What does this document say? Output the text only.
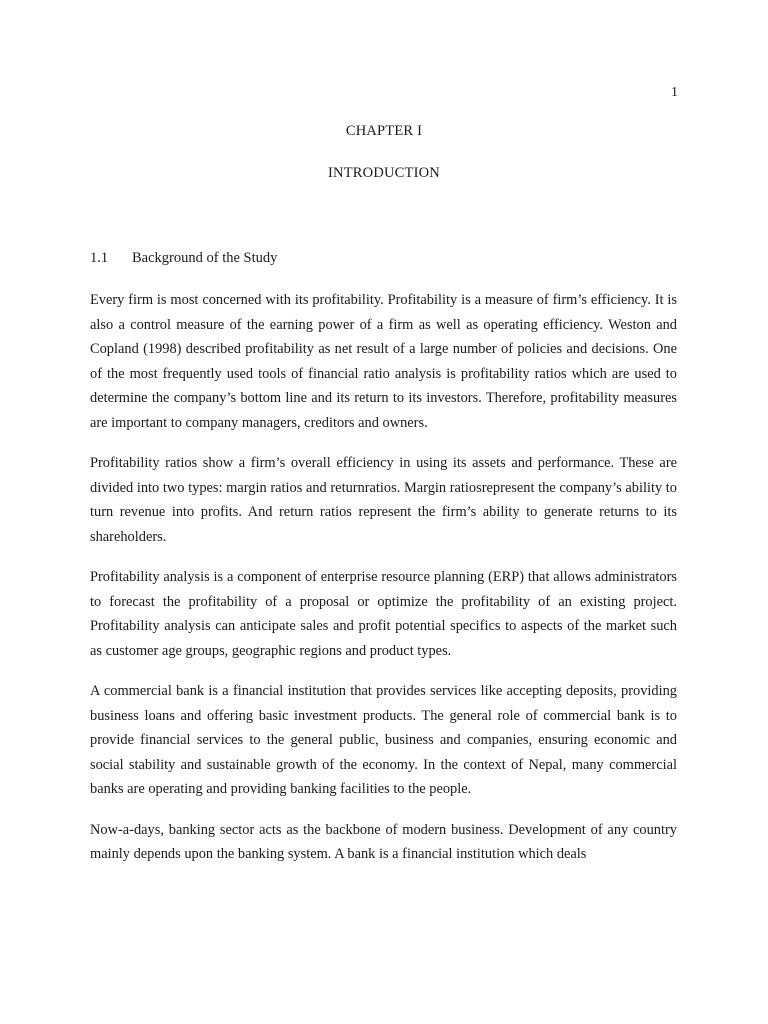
1
CHAPTER I
INTRODUCTION
1.1 Background of the Study

Every firm is most concerned with its profitability. Profitability is a measure of firm’s efficiency. It is also a control measure of the earning power of a firm as well as operating efficiency. Weston and Copland (1998) described profitability as net result of a large number of policies and decisions. One of the most frequently used tools of financial ratio analysis is profitability ratios which are used to determine the company’s bottom line and its return to its investors. Therefore, profitability measures are important to company managers, creditors and owners.

Profitability ratios show a firm’s overall efficiency in using its assets and performance. These are divided into two types: margin ratios and returnratios. Margin ratiosrepresent the company’s ability to turn revenue into profits. And return ratios represent the firm’s ability to generate returns to its shareholders.

Profitability analysis is a component of enterprise resource planning (ERP) that allows administrators to forecast the profitability of a proposal or optimize the profitability of an existing project. Profitability analysis can anticipate sales and profit potential specifics to aspects of the market such as customer age groups, geographic regions and product types.

A commercial bank is a financial institution that provides services like accepting deposits, providing business loans and offering basic investment products. The general role of commercial bank is to provide financial services to the general public, business and companies, ensuring economic and social stability and sustainable growth of the economy. In the context of Nepal, many commercial banks are operating and providing banking facilities to the people.

Now-a-days, banking sector acts as the backbone of modern business. Development of any country mainly depends upon the banking system. A bank is a financial institution which deals
